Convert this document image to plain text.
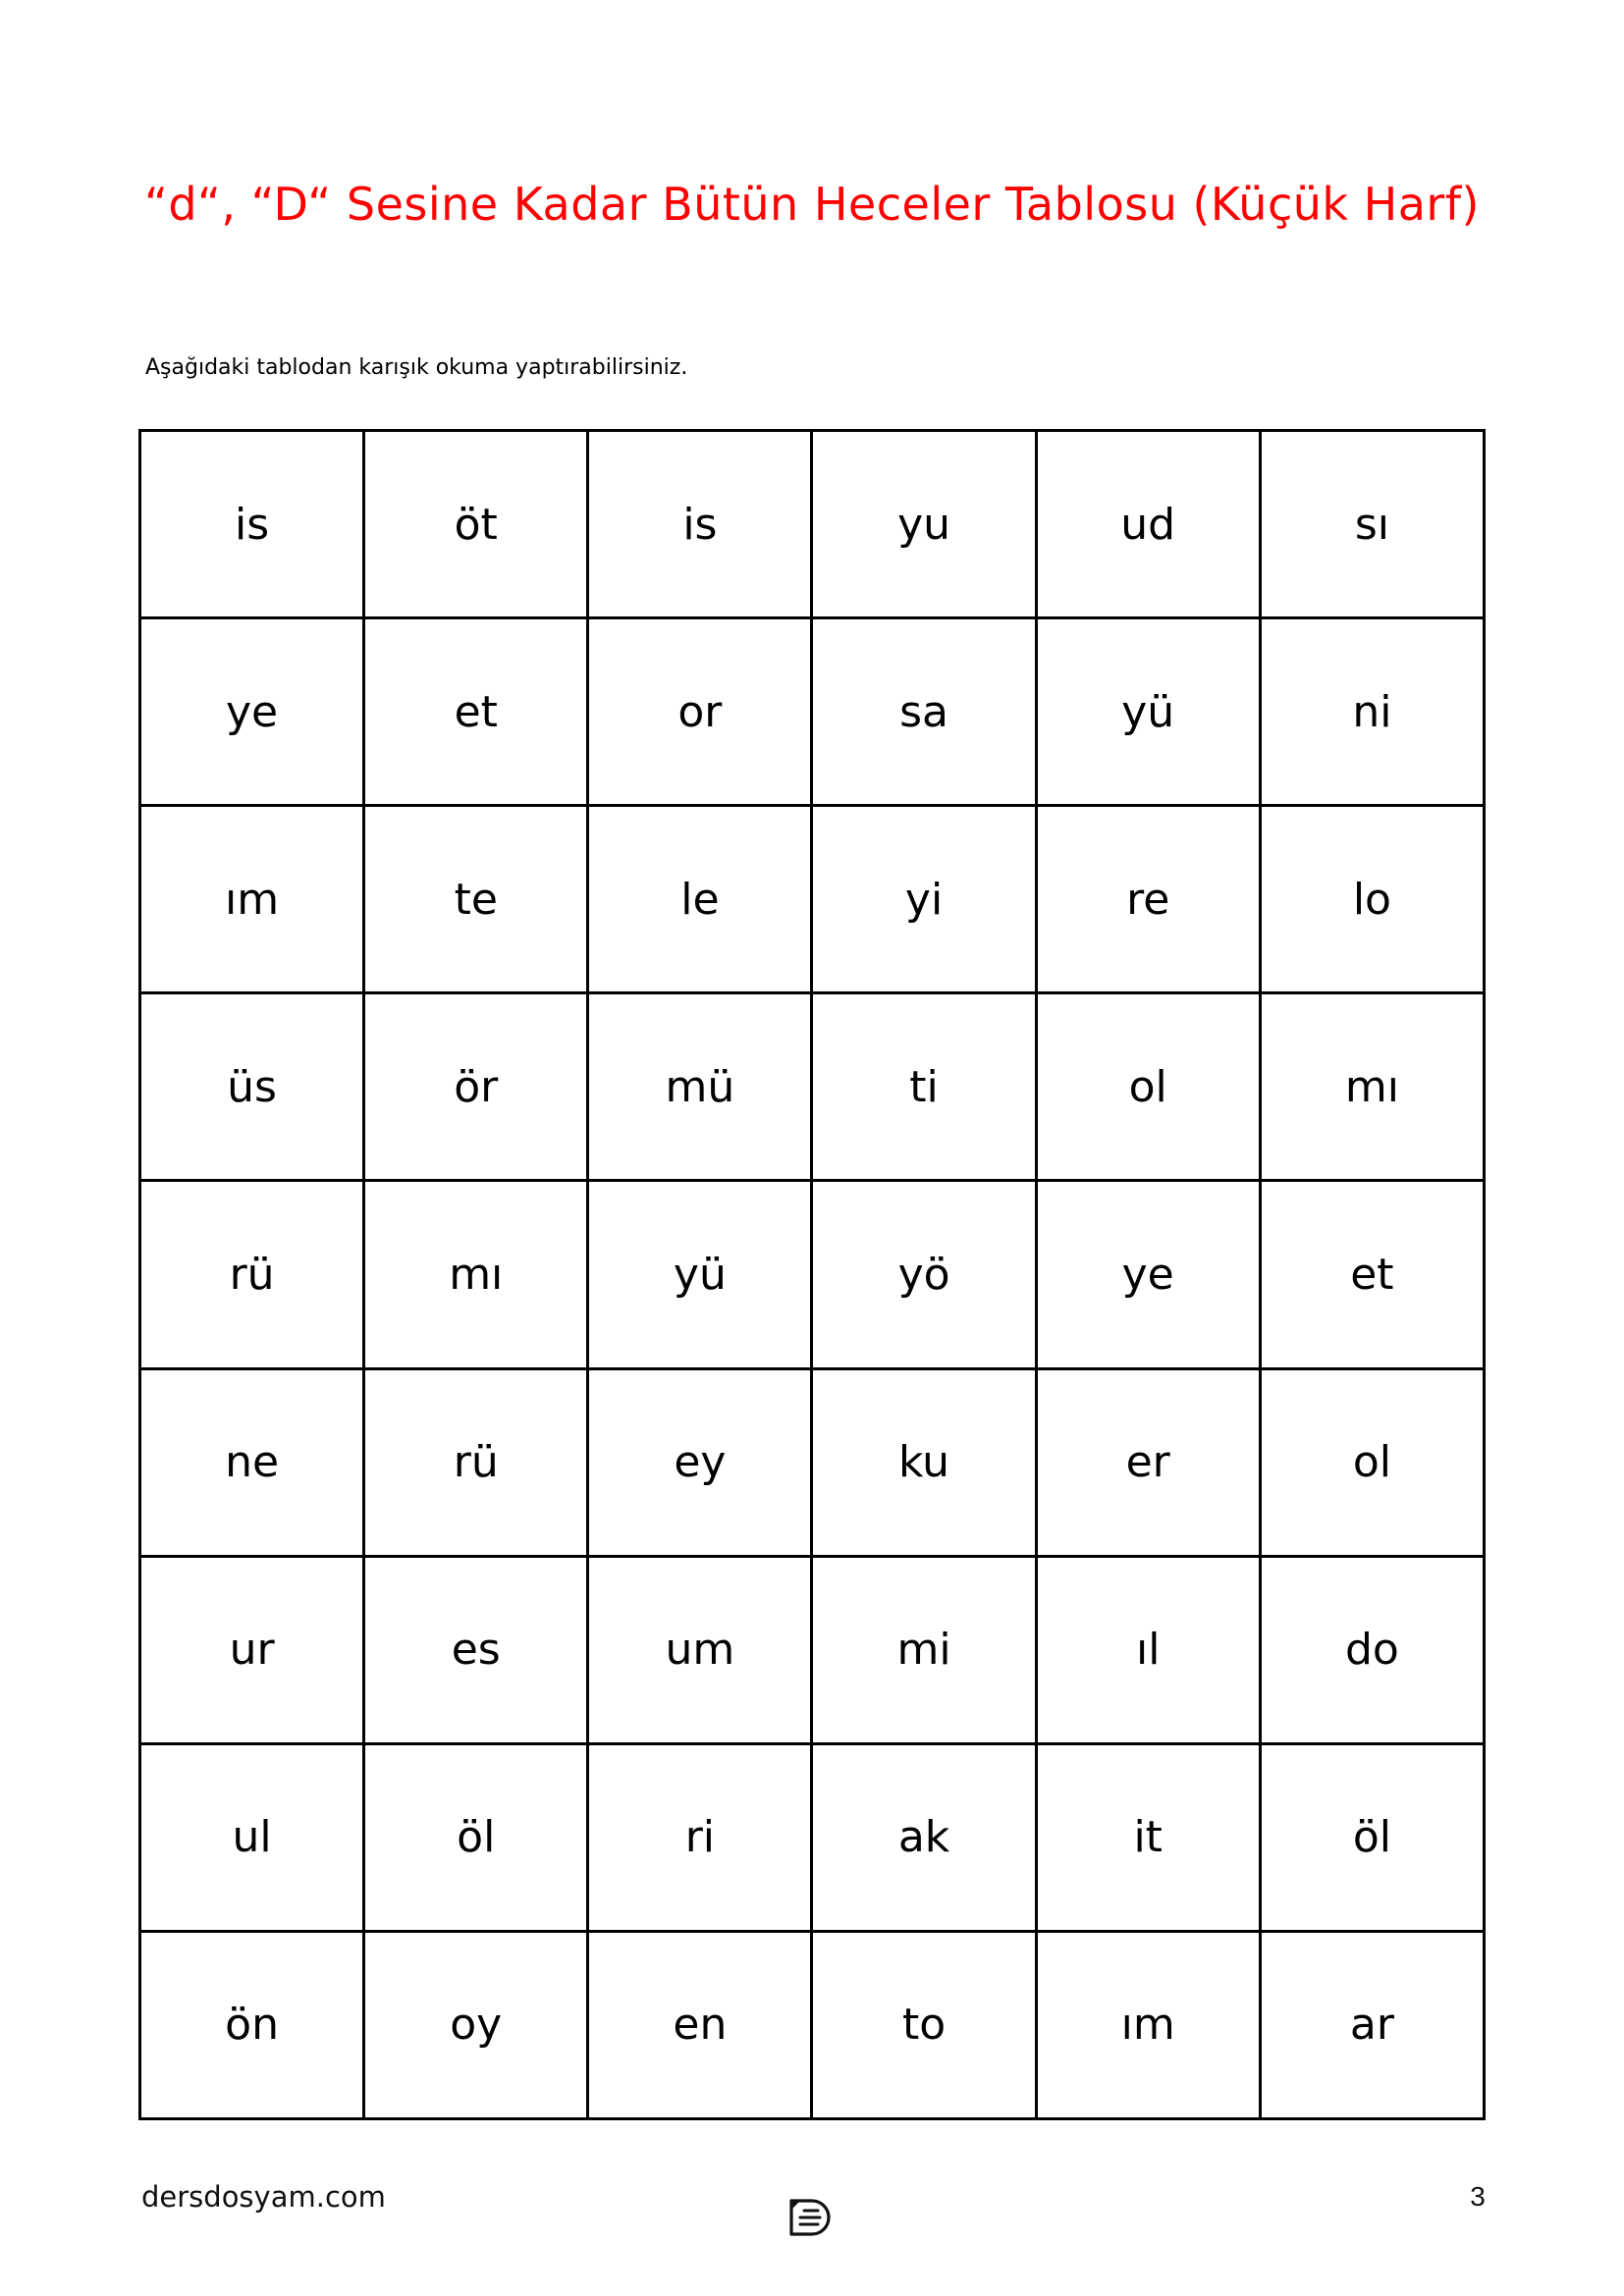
“d“, “D“ Sesine Kadar Bütün Heceler Tablosu (Küçük Harf)
Aşağıdaki tablodan karışık okuma yaptırabilirsiniz.
is	öt	is	yu	ud	sı
ye	et	or	sa	yü	ni
ım	te	le	yi	re	lo
üs	ör	mü	ti	ol	mı
rü	mı	yü	yö	ye	et
ne	rü	ey	ku	er	ol
ur	es	um	mi	ıl	do
ul	öl	ri	ak	it	öl
ön	oy	en	to	ım	ar
dersdosyam.com	3
